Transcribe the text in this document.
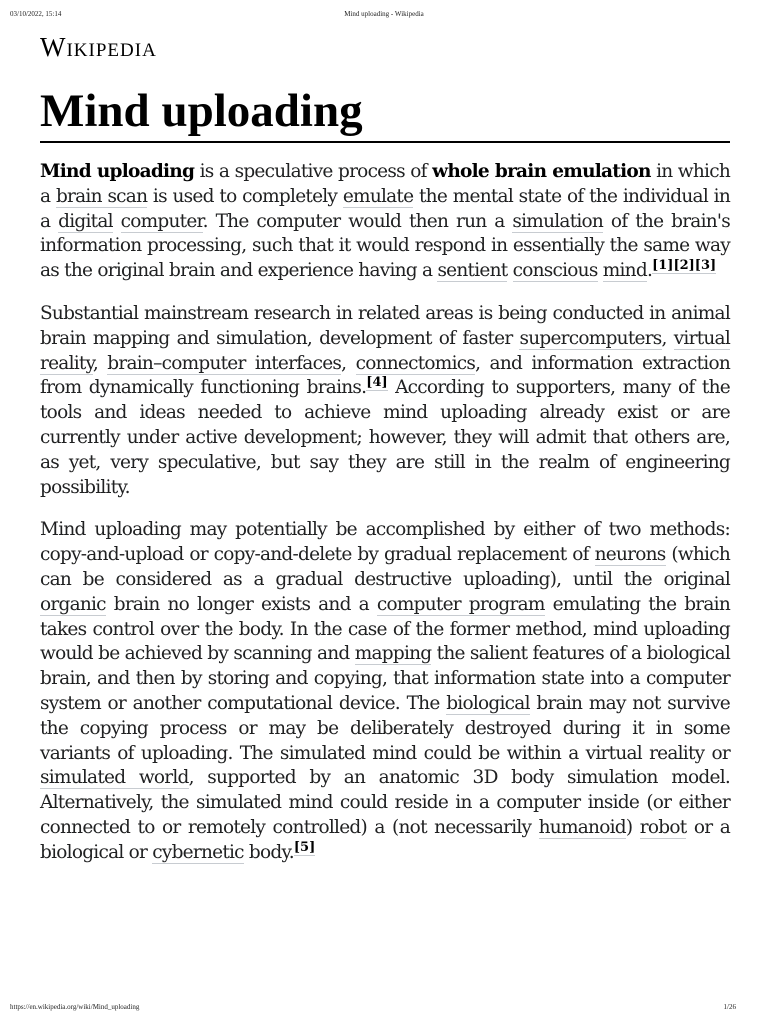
03/10/2022, 15:14	Mind uploading - Wikipedia
Wikipedia
Mind uploading

Mind uploading is a speculative process of whole brain emulation in which a brain scan is used to completely emulate the mental state of the individual in a digital computer. The computer would then run a simulation of the brain's information processing, such that it would respond in essentially the same way as the original brain and experience having a sentient conscious mind.[1][2][3]

Substantial mainstream research in related areas is being conducted in animal brain mapping and simulation, development of faster supercomputers, virtual reality, brain–computer interfaces, connectomics, and information extraction from dynamically functioning brains.[4] According to supporters, many of the tools and ideas needed to achieve mind uploading already exist or are currently under active development; however, they will admit that others are, as yet, very speculative, but say they are still in the realm of engineering possibility.

Mind uploading may potentially be accomplished by either of two methods: copy-and-upload or copy-and-delete by gradual replacement of neurons (which can be considered as a gradual destructive uploading), until the original organic brain no longer exists and a computer program emulating the brain takes control over the body. In the case of the former method, mind uploading would be achieved by scanning and mapping the salient features of a biological brain, and then by storing and copying, that information state into a computer system or another computational device. The biological brain may not survive the copying process or may be deliberately destroyed during it in some variants of uploading. The simulated mind could be within a virtual reality or simulated world, supported by an anatomic 3D body simulation model. Alternatively, the simulated mind could reside in a computer inside (or either connected to or remotely controlled) a (not necessarily humanoid) robot or a biological or cybernetic body.[5]

https://en.wikipedia.org/wiki/Mind_uploading	1/26
